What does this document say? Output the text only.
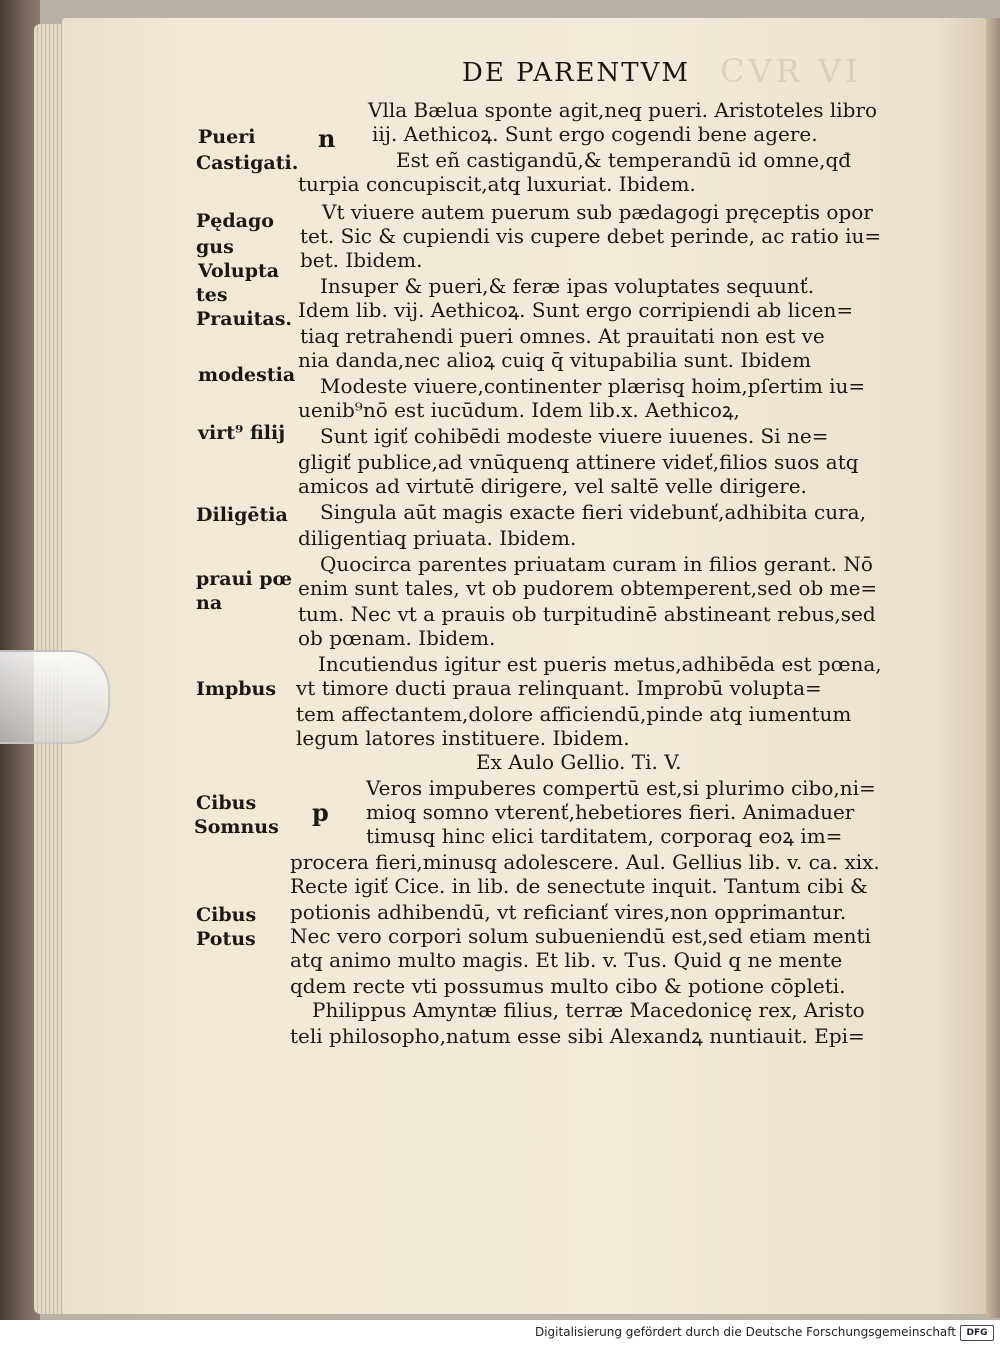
CVR VI
DE PARENTVM
n
p
Pueri
Castigati.
Pędago
gus
Volupta
tes
Prauitas.
modestia
virt⁹ filij
Diligētia
praui pœ
na
Impbus
Cibus
Somnus
Cibus
Potus
Vlla Bælua sponte agit,neq̧ pueri. Aristoteles libro
iij. Aethicoꝝ. Sunt ergo cogendi bene agere.
Est eñ castigandū,& temperandū id omne,qđ
turpia concupiscit,atq̧ luxuriat. Ibidem.
Vt viuere autem puerum sub pædagogi pręceptis opor
tet. Sic & cupiendi vis cupere debet perinde, ac ratio iu=
bet. Ibidem.
Insuper & pueri,& feræ ipas voluptates sequunť.
Idem lib. vij. Aethicoꝝ. Sunt ergo corripiendi ab licen=
tiaq̧ retrahendi pueri omnes. At prauitati non est ve
nia danda,nec alioꝝ cuiq̧ q̄ vitupabilia sunt. Ibidem
Modeste viuere,continenter plærisq̧ hoim,pſertim iu=
uenib⁹nō est iucūdum. Idem lib.x. Aethicoꝝ,
Sunt igiť cohibēdi modeste viuere iuuenes. Si ne=
gligiť publice,ad vnūquenq̧ attinere videť,filios suos atq̧
amicos ad virtutē dirigere, vel saltē velle dirigere.
Singula aūt magis exacte fieri videbunť,adhibita cura,
diligentiaq̧ priuata. Ibidem.
Quocirca parentes priuatam curam in filios gerant. Nō
enim sunt tales, vt ob pudorem obtemperent,sed ob me=
tum. Nec vt a prauis ob turpitudinē abstineant rebus,sed
ob pœnam. Ibidem.
Incutiendus igitur est pueris metus,adhibēda est pœna,
vt timore ducti praua relinquant. Improbū volupta=
tem affectantem,dolore afficiendū,pinde atq̧ iumentum
legum latores instituere. Ibidem.
Ex Aulo Gellio. Ti. V.
Veros impuberes compertū est,si plurimo cibo,ni=
mioq̧ somno vterenť,hebetiores fieri. Animaduer
timusq̧ hinc elici tarditatem, corporaq̧ eoꝝ im=
procera fieri,minusq̧ adolescere. Aul. Gellius lib. v. ca. xix.
Recte igiť Cice. in lib. de senectute inquit. Tantum cibi &
potionis adhibendū, vt reficianť vires,non opprimantur.
Nec vero corpori solum subueniendū est,sed etiam menti
atq̧ animo multo magis. Et lib. v. Tus. Quid q̧ ne mente
qdem recte vti possumus multo cibo & potione cōpleti.
Philippus Amyntæ filius, terræ Macedonicę rex, Aristo
teli philosopho,natum esse sibi Alexandꝝ nuntiauit. Epi=
Digitalisierung gefördert durch die Deutsche Forschungsgemeinschaft	DFG
